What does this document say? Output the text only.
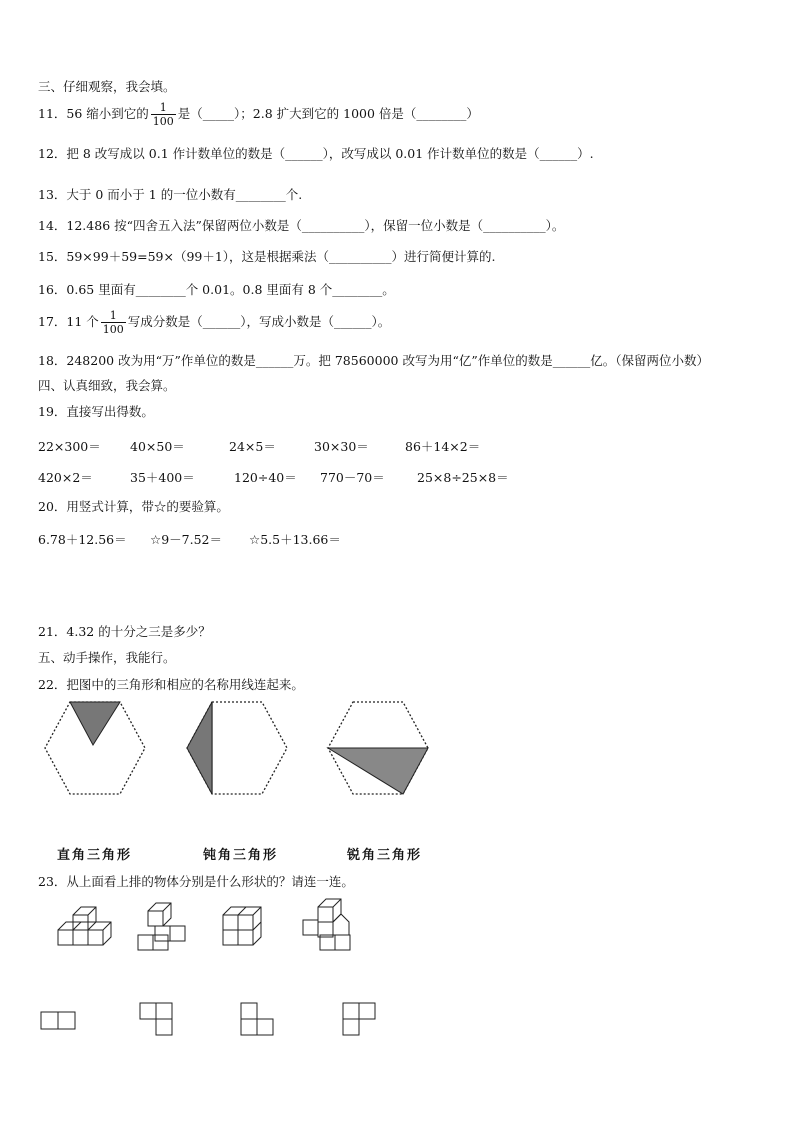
三、仔细观察，我会填。
11．56 缩小到它的 $\frac{1}{100}$ 是（_____）；2.8 扩大到它的 1000 倍是（________）
12．把 8 改写成以 0.1 作计数单位的数是（______），改写成以 0.01 作计数单位的数是（______）.
13．大于 0 而小于 1 的一位小数有________个.
14．12.486 按“四舍五入法”保留两位小数是（__________），保留一位小数是（__________）。
15．59×99＋59=59×（99＋1），这是根据乘法（__________）进行简便计算的.
16．0.65 里面有________个 0.01。0.8 里面有 8 个________。
17．11 个 $\frac{1}{100}$ 写成分数是（______），写成小数是（______）。
18．248200 改为用“万”作单位的数是______万。把 78560000 改写为用“亿”作单位的数是______亿。（保留两位小数）
四、认真细致，我会算。
19．直接写出得数。
22×300＝ 40×50＝	24×5＝	30×30＝	86＋14×2＝
420×2＝	35＋400＝	120÷40＝ 770－70＝	25×8÷25×8＝
20．用竖式计算，带☆的要验算。
6.78＋12.56＝ ☆9－7.52＝ ☆5.5＋13.66＝
21．4.32 的十分之三是多少？
五、动手操作，我能行。
22．把图中的三角形和相应的名称用线连起来。
直角三角形	钝角三角形	锐角三角形
23．从上面看上排的物体分别是什么形状的？请连一连。
